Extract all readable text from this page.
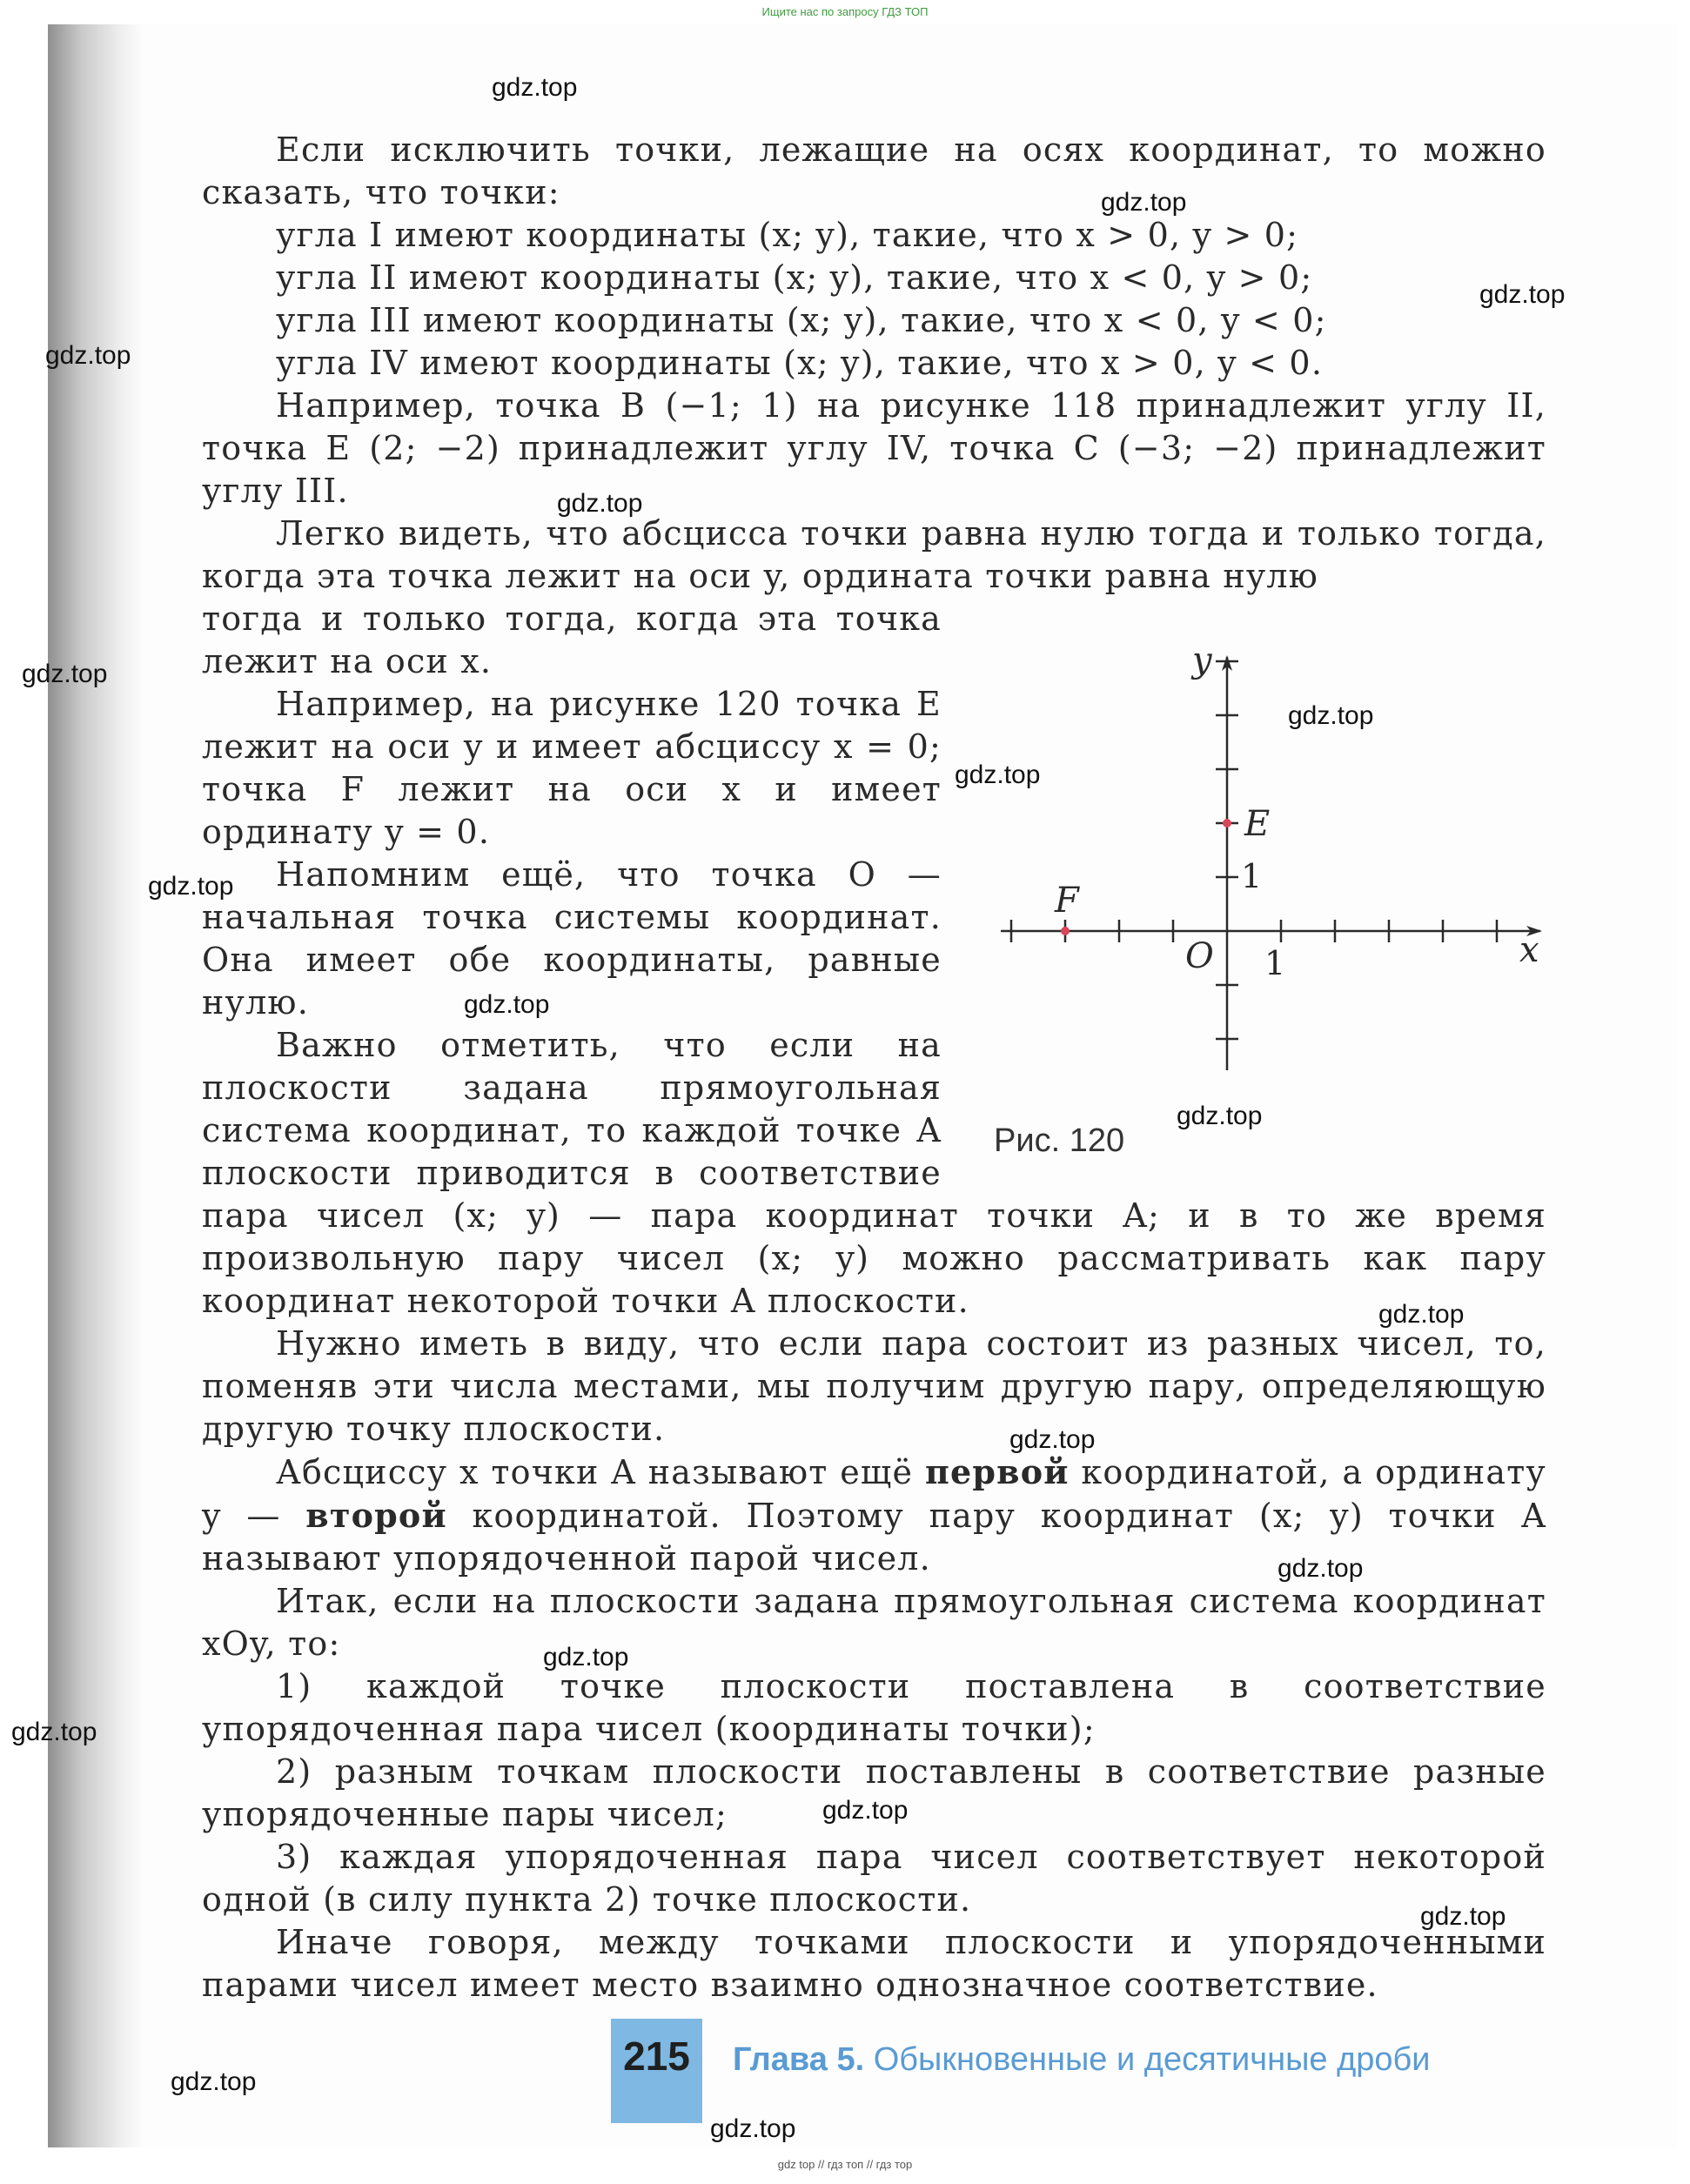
Ищите нас по запросу ГДЗ ТОП

Если исключить точки, лежащие на осях координат, то можно сказать, что точки:

угла I имеют координаты (x; y), такие, что x > 0, y > 0;

угла II имеют координаты (x; y), такие, что x < 0, y > 0;

угла III имеют координаты (x; y), такие, что x < 0, y < 0;

угла IV имеют координаты (x; y), такие, что x > 0, y < 0.

Например, точка B (−1; 1) на рисунке 118 принадлежит углу II, точка E (2; −2) принадлежит углу IV, точка C (−3; −2) принадлежит углу III.

Легко видеть, что абсцисса точки равна нулю тогда и только тогда, когда эта точка лежит на оси y, ордината точки равна нулю

тогда и только тогда, когда эта точка

лежит на оси x.

Например, на рисунке 120 точка E лежит на оси y и имеет абсциссу x = 0; точка F лежит на оси x и имеет ординату y = 0.

Напомним ещё, что точка O — начальная точка системы координат. Она имеет обе координаты, равные нулю.

Важно отметить, что если на плоскости задана прямоугольная система координат, то каждой точке A плоскости приводится в соответствие

пара чисел (x; y) — пара координат точки A; и в то же время произвольную пару чисел (x; y) можно рассматривать как пару координат некоторой точки A плоскости.

Нужно иметь в виду, что если пара состоит из разных чисел, то, поменяв эти числа местами, мы получим другую пару, определяющую другую точку плоскости.

Абсциссу x точки A называют ещё первой координатой, а ординату y — второй координатой. Поэтому пару координат (x; y) точки A называют упорядоченной парой чисел.

Итак, если на плоскости задана прямоугольная система координат xOy, то:

1) каждой точке плоскости поставлена в соответствие упорядоченная пара чисел (координаты точки);

2) разным точкам плоскости поставлены в соответствие разные упорядоченные пары чисел;

3) каждая упорядоченная пара чисел соответствует некоторой одной (в силу пункта 2) точке плоскости.

Иначе говоря, между точками плоскости и упорядоченными парами чисел имеет место взаимно однозначное соответствие.

y
x
O 1
1
E
F
Рис. 120
215	Глава 5. Обыкновенные и десятичные дроби
gdz top // гдз топ // гдз тор
gdz.top
gdz.top
gdz.top
gdz.top
gdz.top
gdz.top
gdz.top
gdz.top
gdz.top
gdz.top
gdz.top
gdz.top
gdz.top
gdz.top
gdz.top
gdz.top
gdz.top
gdz.top
gdz.top
gdz.top
